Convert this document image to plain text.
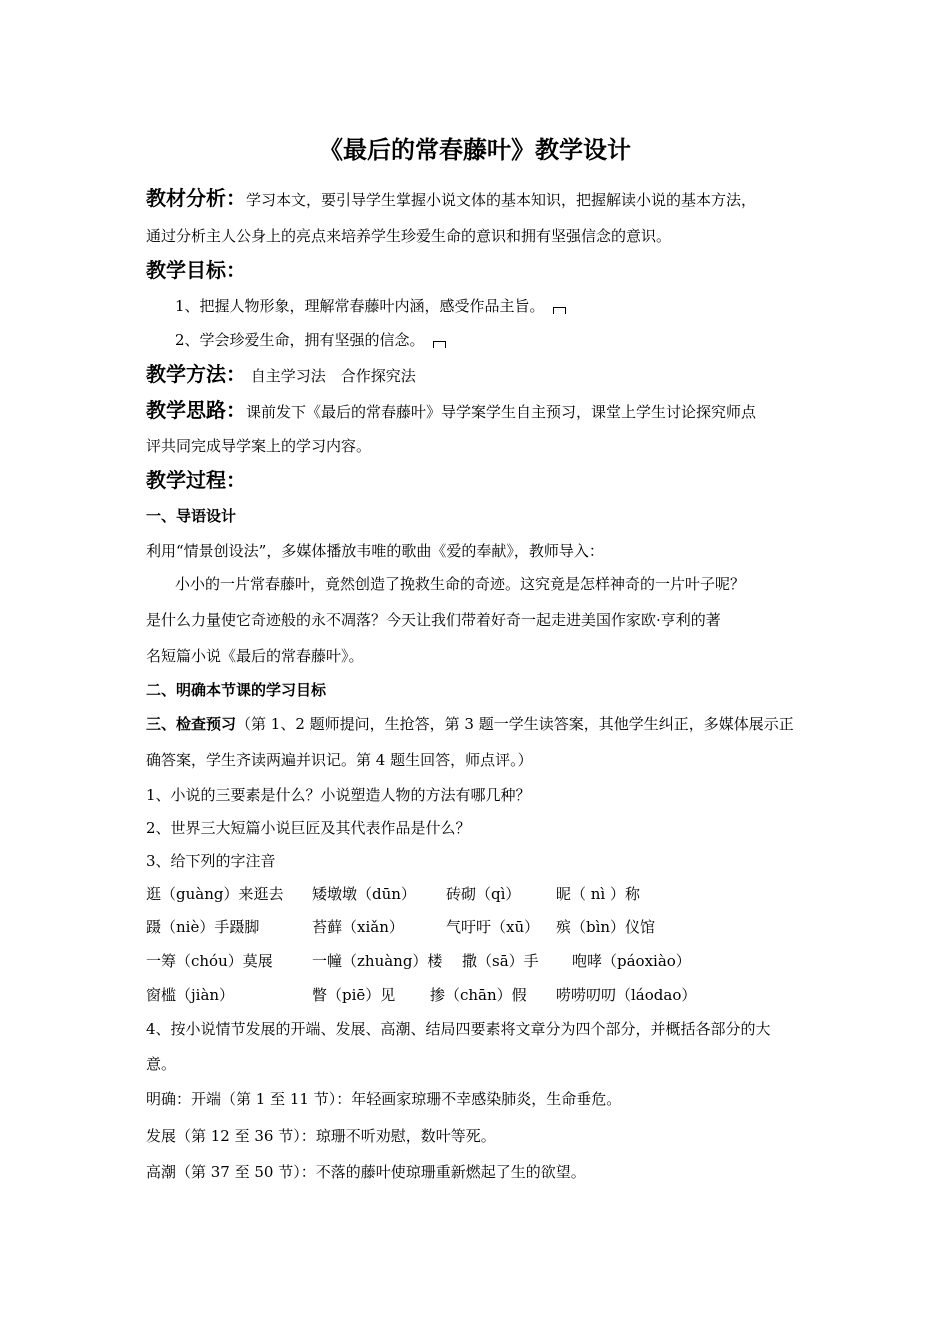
《最后的常春藤叶》教学设计
教材分析：学习本文，要引导学生掌握小说文体的基本知识，把握解读小说的基本方法，
通过分析主人公身上的亮点来培养学生珍爱生命的意识和拥有坚强信念的意识。
教学目标：
1、把握人物形象，理解常春藤叶内涵，感受作品主旨。
2、学会珍爱生命，拥有坚强的信念。
教学方法： 自主学习法　合作探究法
教学思路：课前发下《最后的常春藤叶》导学案学生自主预习，课堂上学生讨论探究师点
评共同完成导学案上的学习内容。
教学过程：
一、导语设计
利用“情景创设法”，多媒体播放韦唯的歌曲《爱的奉献》，教师导入：
小小的一片常春藤叶，竟然创造了挽救生命的奇迹。这究竟是怎样神奇的一片叶子呢？
是什么力量使它奇迹般的永不凋落？今天让我们带着好奇一起走进美国作家欧·亨利的著
名短篇小说《最后的常春藤叶》。
二、明确本节课的学习目标
三、检查预习（第 1、2 题师提问，生抢答，第 3 题一学生读答案，其他学生纠正，多媒体展示正
确答案，学生齐读两遍并识记。第 4 题生回答，师点评。）
1、小说的三要素是什么？小说塑造人物的方法有哪几种？
2、世界三大短篇小说巨匠及其代表作品是什么？
3、给下列的字注音
逛（guàng）来逛去 矮墩墩（dūn） 砖砌（qì） 昵（ nì ）称
蹑（niè）手蹑脚	苔藓（xiǎn）	气吁吁（xū） 殡（bìn）仪馆
一筹（chóu）莫展	一幢（zhuàng）楼 撒（sā）手 咆哮（páoxiào）
窗槛（jiàn）	瞥（piē）见 掺（chān）假 唠唠叨叨（láodao）
4、按小说情节发展的开端、发展、高潮、结局四要素将文章分为四个部分，并概括各部分的大
意。
明确：开端（第 1 至 11 节）：年轻画家琼珊不幸感染肺炎，生命垂危。
发展（第 12 至 36 节）：琼珊不听劝慰，数叶等死。
高潮（第 37 至 50 节）：不落的藤叶使琼珊重新燃起了生的欲望。
